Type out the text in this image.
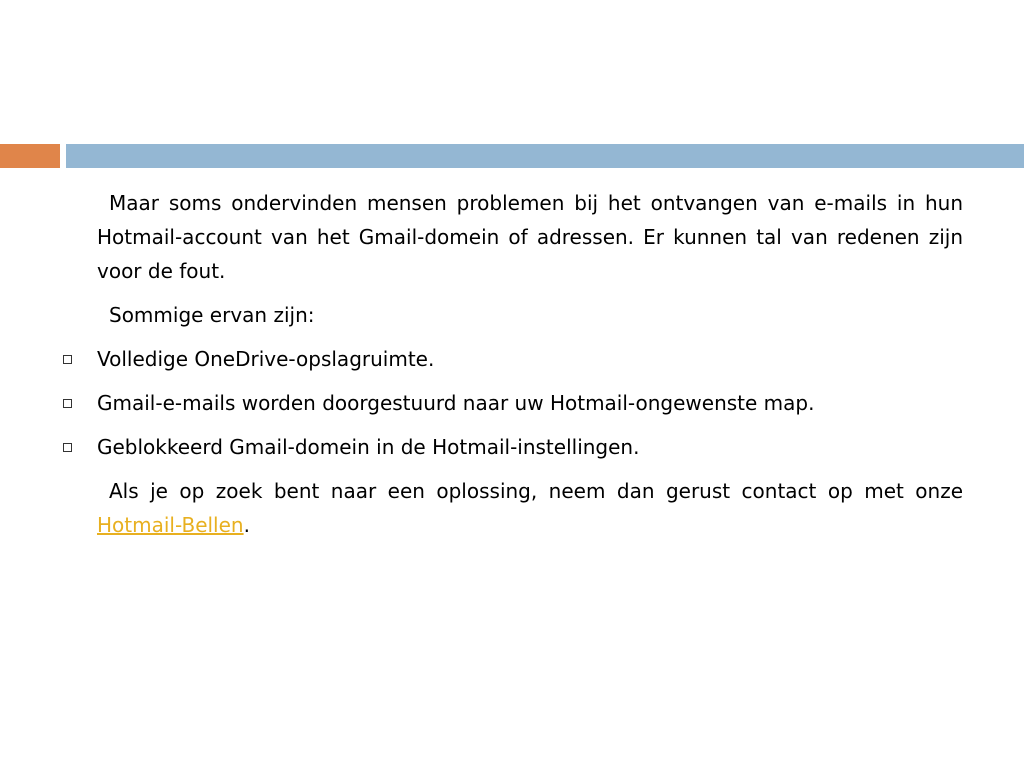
Maar soms ondervinden mensen problemen bij het ontvangen van e-mails in hun Hotmail-account van het Gmail-domein of adressen. Er kunnen tal van redenen zijn voor de fout.

Sommige ervan zijn:

Volledige OneDrive-opslagruimte.
Gmail-e-mails worden doorgestuurd naar uw Hotmail-ongewenste map.
Geblokkeerd Gmail-domein in de Hotmail-instellingen.

Als je op zoek bent naar een oplossing, neem dan gerust contact op met onze Hotmail-Bellen.
